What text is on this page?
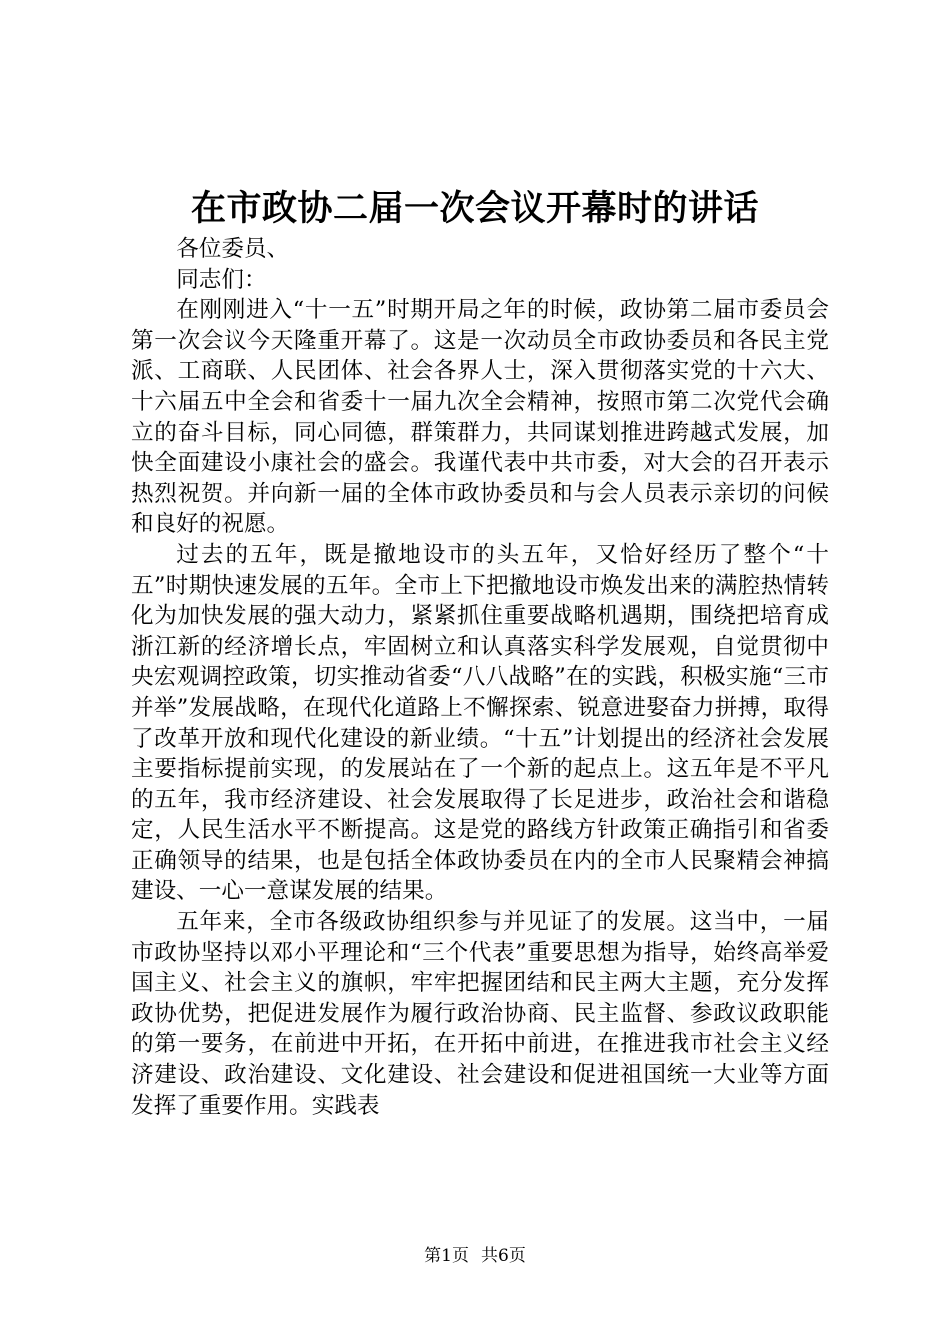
在市政协二届一次会议开幕时的讲话

各位委员、

同志们：

在刚刚进入“十一五”时期开局之年的时候，政协第二届市委员会第一次会议今天隆重开幕了。这是一次动员全市政协委员和各民主党派、工商联、人民团体、社会各界人士，深入贯彻落实党的十六大、十六届五中全会和省委十一届九次全会精神，按照市第二次党代会确立的奋斗目标，同心同德，群策群力，共同谋划推进跨越式发展，加快全面建设小康社会的盛会。我谨代表中共市委，对大会的召开表示热烈祝贺。并向新一届的全体市政协委员和与会人员表示亲切的问候和良好的祝愿。

过去的五年，既是撤地设市的头五年，又恰好经历了整个“十五”时期快速发展的五年。全市上下把撤地设市焕发出来的满腔热情转化为加快发展的强大动力，紧紧抓住重要战略机遇期，围绕把培育成浙江新的经济增长点，牢固树立和认真落实科学发展观，自觉贯彻中央宏观调控政策，切实推动省委“八八战略”在的实践，积极实施“三市并举”发展战略，在现代化道路上不懈探索、锐意进娶奋力拼搏，取得了改革开放和现代化建设的新业绩。“十五”计划提出的经济社会发展主要指标提前实现，的发展站在了一个新的起点上。这五年是不平凡的五年，我市经济建设、社会发展取得了长足进步，政治社会和谐稳定，人民生活水平不断提高。这是党的路线方针政策正确指引和省委正确领导的结果，也是包括全体政协委员在内的全市人民聚精会神搞建设、一心一意谋发展的结果。

五年来，全市各级政协组织参与并见证了的发展。这当中，一届市政协坚持以邓小平理论和“三个代表”重要思想为指导，始终高举爱国主义、社会主义的旗帜，牢牢把握团结和民主两大主题，充分发挥政协优势，把促进发展作为履行政治协商、民主监督、参政议政职能的第一要务，在前进中开拓，在开拓中前进，在推进我市社会主义经济建设、政治建设、文化建设、社会建设和促进祖国统一大业等方面发挥了重要作用。实践表

第1页 共6页
